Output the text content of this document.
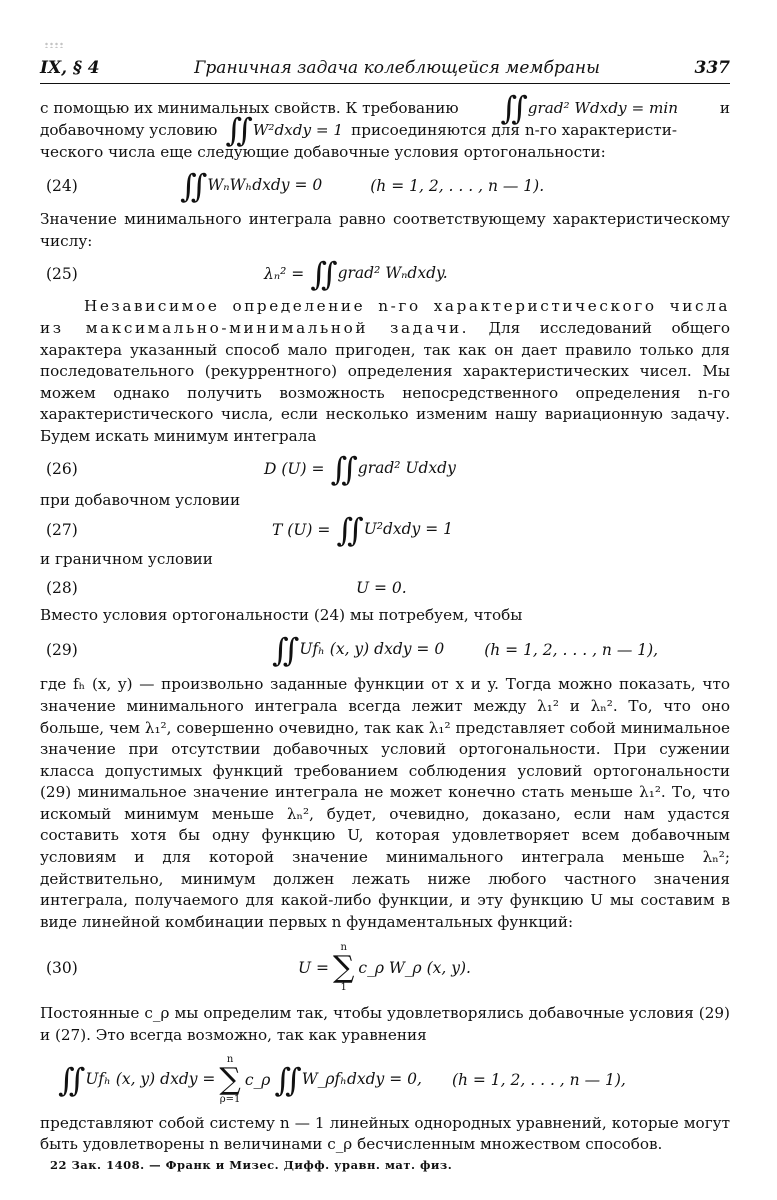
IX, § 4	Граничная задача колеблющейся мембраны	337

с помощью их минимальных свойств. К требованию ∫∫ grad² Wdxdy = min	и

добавочному условию ∫∫ W²dxdy = 1 присоединяются для n-го характеристи-

ческого числа еще следующие добавочные условия ортогональности:

(24)	∫∫ WₙWₕdxdy = 0	(h = 1, 2, . . . , n — 1).

Значение минимального интеграла равно соответствующему характеристическому числу:

(25)	λₙ² = ∫∫ grad² Wₙdxdy.

Независимое определение n-го характеристического числа из максимально-минимальной задачи. Для исследований общего характера указанный способ мало пригоден, так как он дает правило только для последовательного (рекуррентного) определения характеристических чисел. Мы можем однако получить возможность непосредственного определения n-го характеристического числа, если несколько изменим нашу вариационную задачу. Будем искать минимум интеграла

(26)	D (U) = ∫∫ grad² Udxdy

при добавочном условии

(27)	T (U) = ∫∫ U²dxdy = 1

и граничном условии

(28)	U = 0.

Вместо условия ортогональности (24) мы потребуем, чтобы

(29)	∫∫ Ufₕ (x, y) dxdy = 0	(h = 1, 2, . . . , n — 1),

где fₕ (x, y) — произвольно заданные функции от x и y. Тогда можно показать, что значение минимального интеграла всегда лежит между λ₁² и λₙ². То, что оно больше, чем λ₁², совершенно очевидно, так как λ₁² представляет собой минимальное значение при отсутствии добавочных условий ортогональности. При сужении класса допустимых функций требованием соблюдения условий ортогональности (29) минимальное значение интеграла не может конечно стать меньше λ₁². То, что искомый минимум меньше λₙ², будет, очевидно, доказано, если нам удастся составить хотя бы одну функцию U, которая удовлетворяет всем добавочным условиям и для которой значение минимального интеграла меньше λₙ²; действительно, минимум должен лежать ниже любого частного значения интеграла, получаемого для какой-либо функции, и эту функцию U мы составим в виде линейной комбинации первых n фундаментальных функций:

(30)	U =
n
∑
1
c_ρ W_ρ (x, y).

Постоянные c_ρ мы определим так, чтобы удовлетворялись добавочные условия (29) и (27). Это всегда возможно, так как уравнения

∫∫ Ufₕ (x, y) dxdy =
n
∑
ρ=1
c_ρ ∫∫ W_ρfₕdxdy = 0, (h = 1, 2, . . . , n — 1),

представляют собой систему n — 1 линейных однородных уравнений, которые могут быть удовлетворены n величинами c_ρ бесчисленным множеством способов.

22 Зак. 1408. — Франк и Мизес. Дифф. уравн. мат. физ.
